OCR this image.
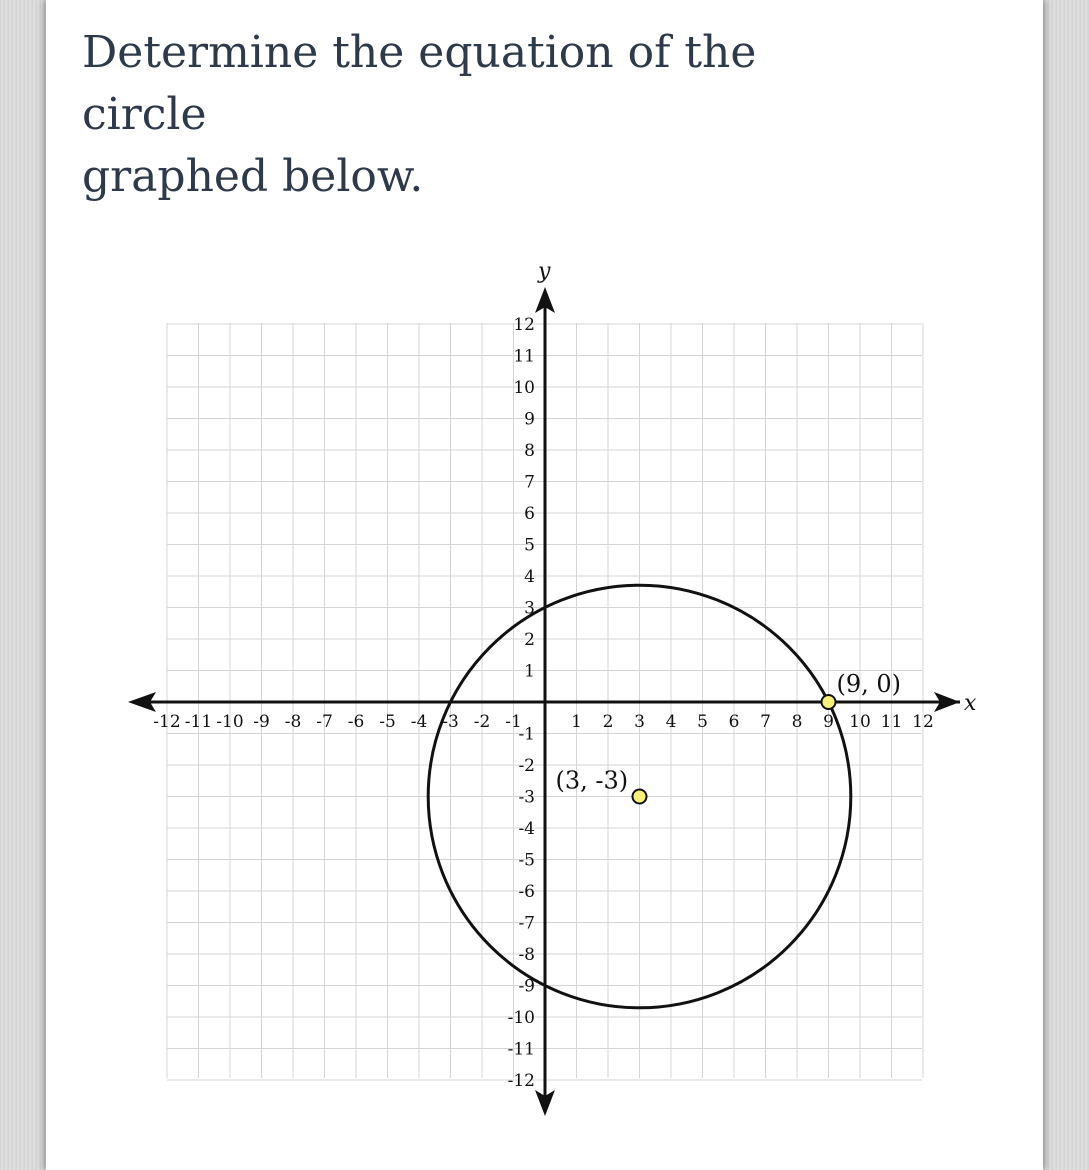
Determine the equation of the circle
graphed below.

x
y
-12 -11 -10 -9 -8 -7 -6 -5 -4 -3 -2 -1	1 2 3 4 5 6 7 8 9 10 11 12
12
11
10
9
8
7
6
5
4
3
2
1
-1
-2
-3
-4
-5
-6
-7
-8
-9
-10
-11
-12
(3, -3)
(9, 0)
